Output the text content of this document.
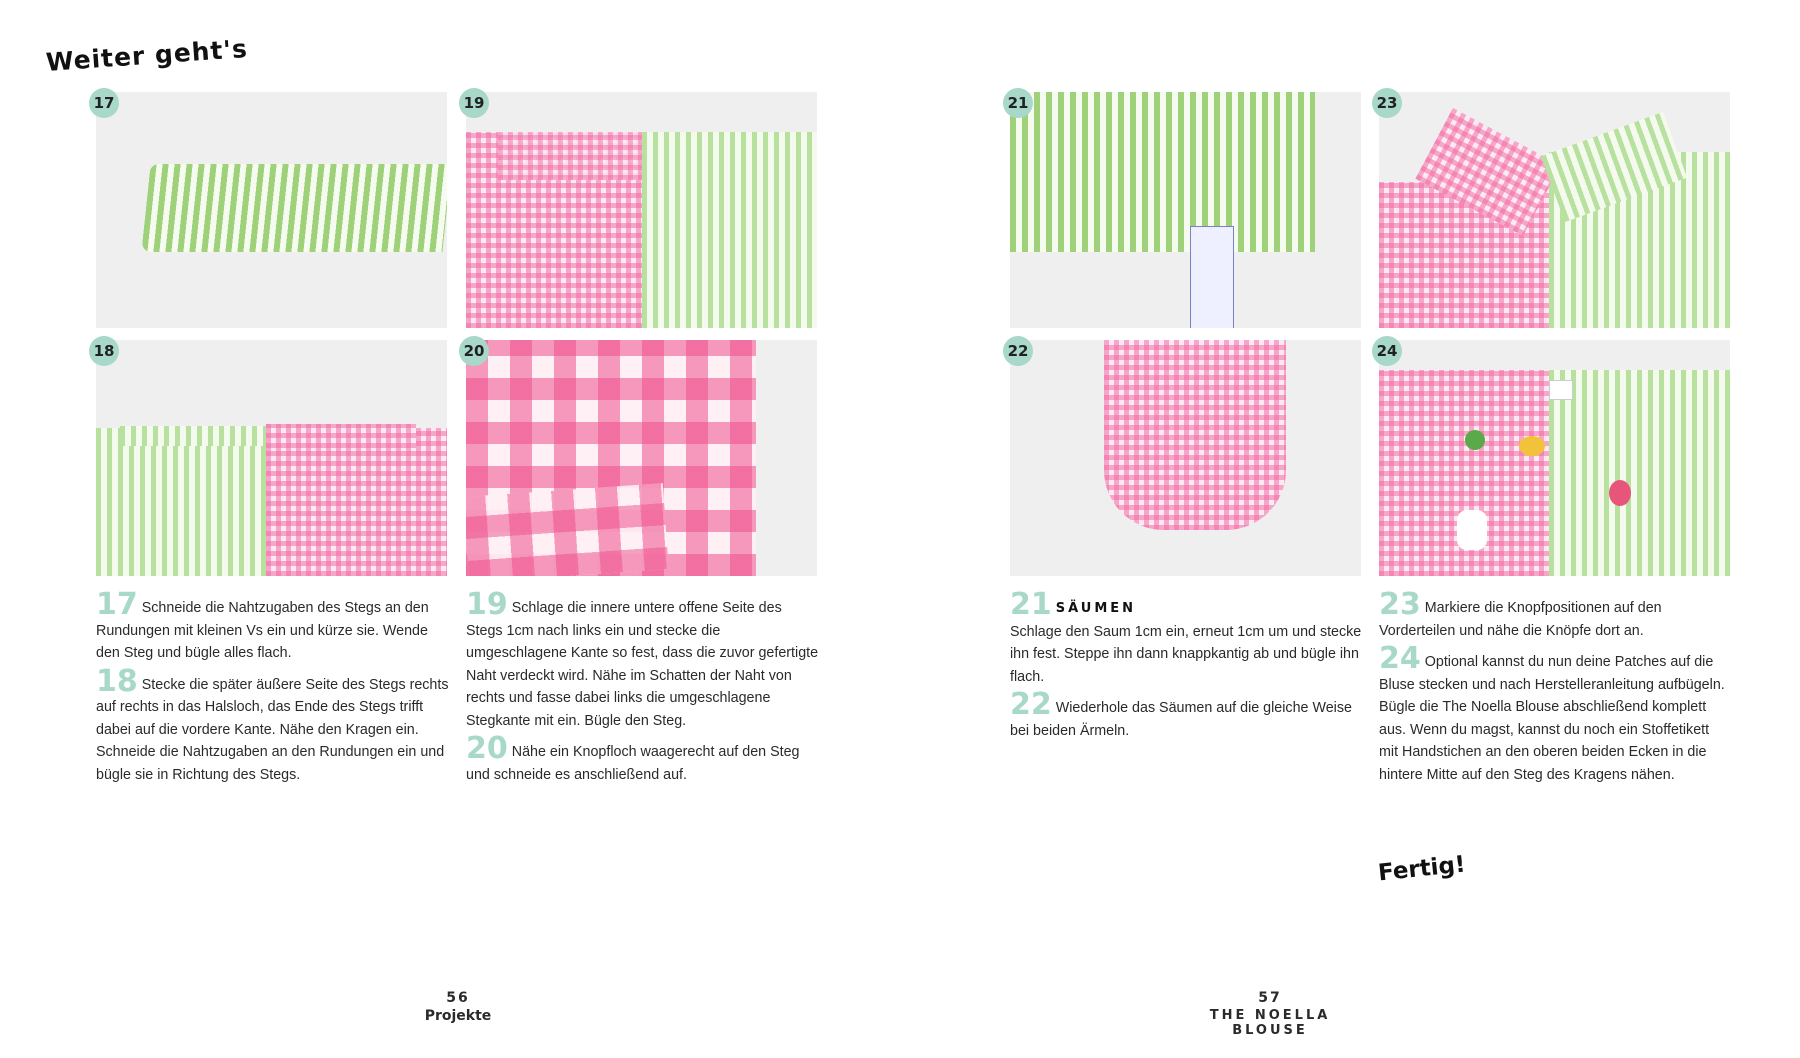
Weiter geht's
17	19
18	20

17 Schneide die Nahtzugaben des Stegs an den Rundungen mit kleinen Vs ein und kürze sie. Wende den Steg und bügle alles flach.

18 Stecke die später äußere Seite des Stegs rechts auf rechts in das Halsloch, das Ende des Stegs trifft dabei auf die vordere Kante. Nähe den Kragen ein. Schneide die Nahtzugaben an den Rundungen ein und bügle sie in Richtung des Stegs.

19 Schlage die innere untere offene Seite des Stegs 1cm nach links ein und stecke die umgeschlagene Kante so fest, dass die zuvor gefertigte Naht verdeckt wird. Nähe im Schatten der Naht von rechts und fasse dabei links die umgeschlagene Stegkante mit ein. Bügle den Steg.

20 Nähe ein Knopfloch waagerecht auf den Steg und schneide es anschließend auf.

56
Projekte
21	23
22	24

21 SÄUMEN
Schlage den Saum 1cm ein, erneut 1cm um und stecke ihn fest. Steppe ihn dann knappkantig ab und bügle ihn flach.

22 Wiederhole das Säumen auf die gleiche Weise bei beiden Ärmeln.

23 Markiere die Knopfpositionen auf den Vorderteilen und nähe die Knöpfe dort an.

24 Optional kannst du nun deine Patches auf die Bluse stecken und nach Herstelleranleitung aufbügeln. Bügle die The Noella Blouse abschließend komplett aus. Wenn du magst, kannst du noch ein Stoffetikett mit Handstichen an den oberen beiden Ecken in die hintere Mitte auf den Steg des Kragens nähen.

Fertig!
57
THE NOELLA BLOUSE
